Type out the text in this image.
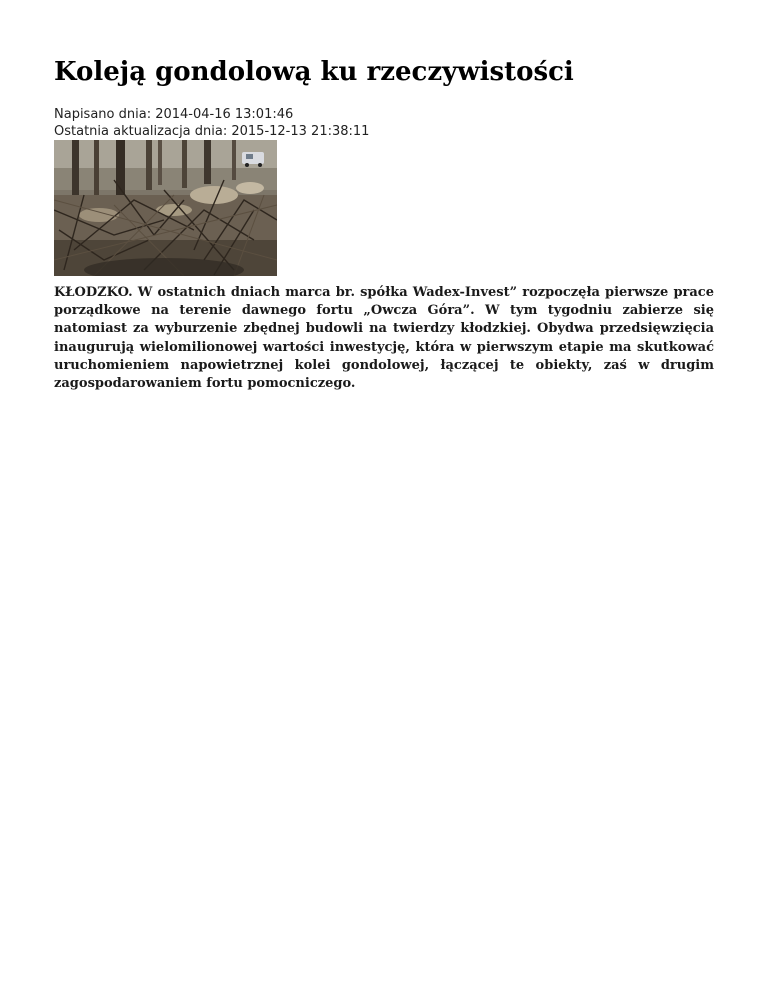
Koleją gondolową ku rzeczywistości
Napisano dnia: 2014-04-16 13:01:46
Ostatnia aktualizacja dnia: 2015-12-13 21:38:11

KŁODZKO. W ostatnich dniach marca br. spółka Wadex-Invest” rozpoczęła pierwsze prace porządkowe na terenie dawnego fortu „Owcza Góra”. W tym tygodniu zabierze się natomiast za wyburzenie zbędnej budowli na twierdzy kłodzkiej. Obydwa przedsięwzięcia inaugurują wielomilionowej wartości inwestycję, która w pierwszym etapie ma skutkować uruchomieniem napowietrznej kolei gondolowej, łączącej te obiekty, zaś w drugim zagospodarowaniem fortu pomocniczego.
